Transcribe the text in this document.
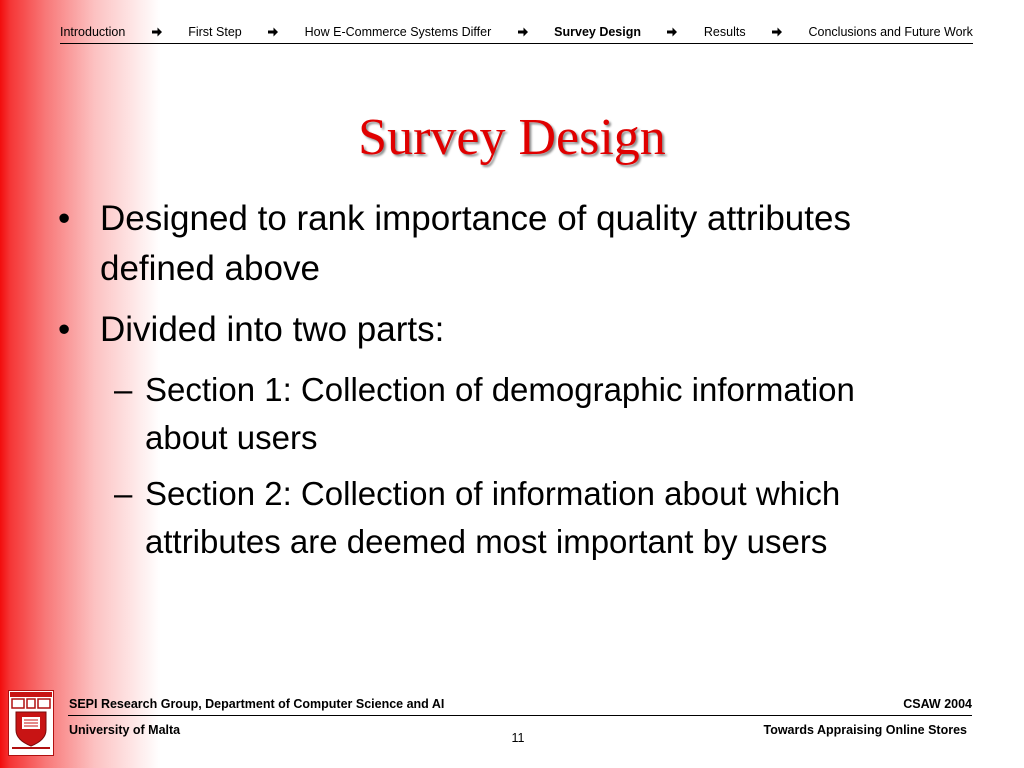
Introduction	First Step	How E-Commerce Systems Differ	Survey Design	Results	Conclusions and Future Work
Survey Design
• Designed to rank importance of quality attributes defined above
• Divided into two parts:
– Section 1: Collection of demographic information about users
– Section 2: Collection of information about which attributes are deemed most important by users
SEPI Research Group, Department of Computer Science and AI	CSAW 2004
University of Malta	Towards Appraising Online Stores
11
